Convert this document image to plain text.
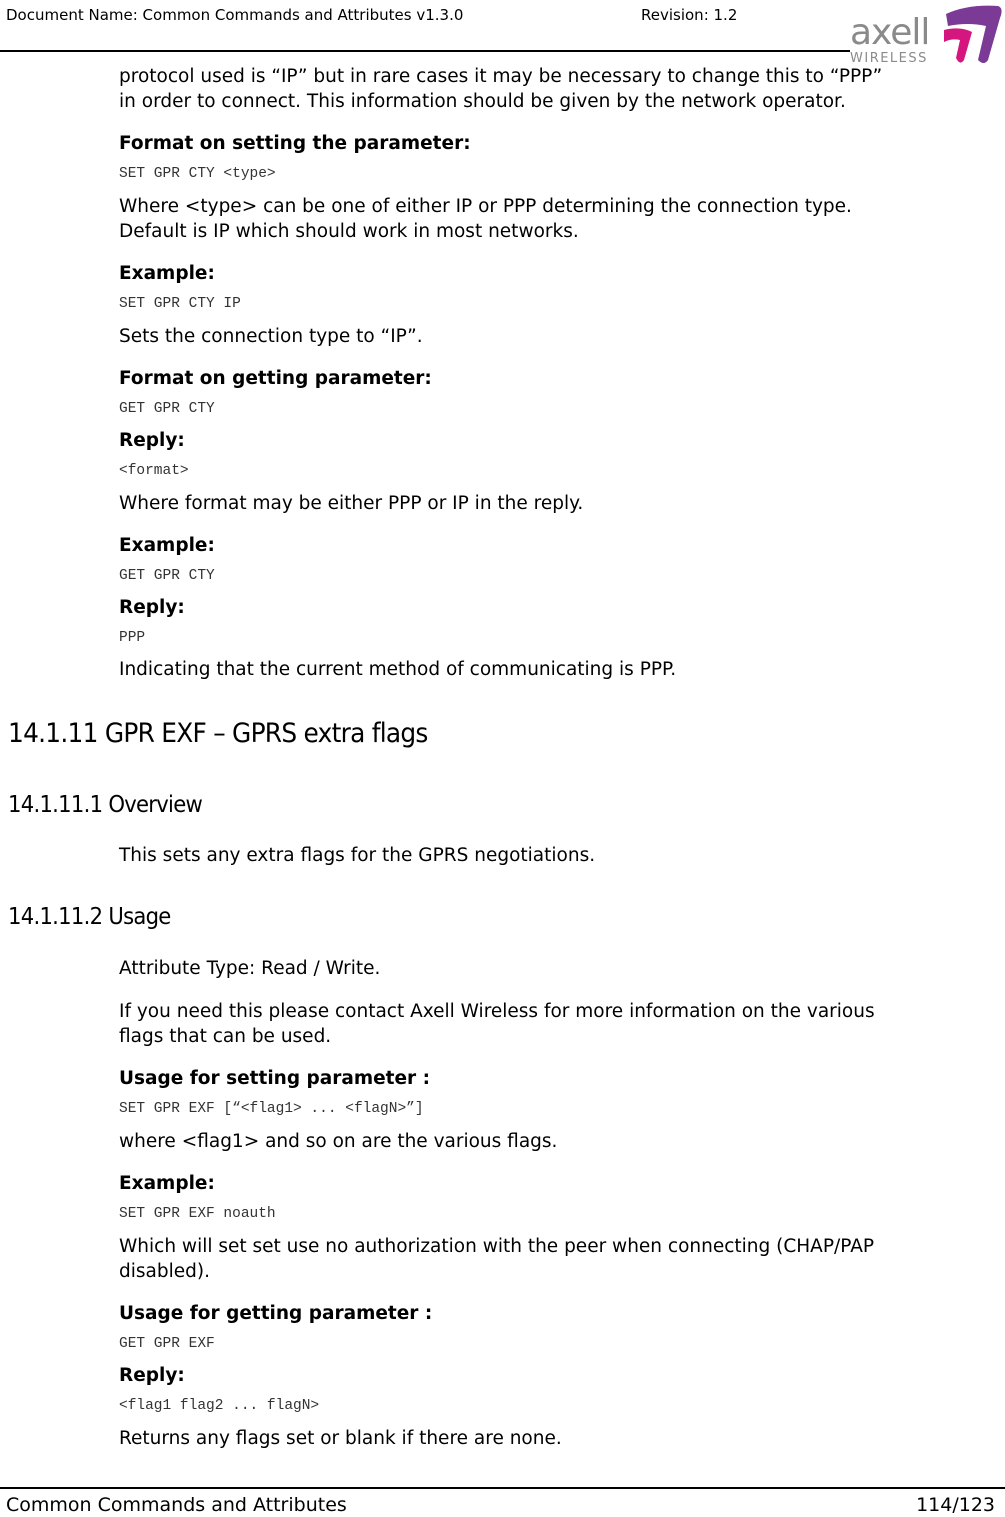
Document Name: Common Commands and Attributes v1.3.0	Revision: 1.2	axell
WIRELESS
protocol used is “IP” but in rare cases it may be necessary to change this to “PPP”
in order to connect. This information should be given by the network operator.
Format on setting the parameter:
SET GPR CTY <type>
Where <type> can be one of either IP or PPP determining the connection type.
Default is IP which should work in most networks.
Example:
SET GPR CTY IP
Sets the connection type to “IP”.
Format on getting parameter:
GET GPR CTY
Reply:
<format>
Where format may be either PPP or IP in the reply.
Example:
GET GPR CTY
Reply:
PPP
Indicating that the current method of communicating is PPP.
14.1.11 GPR EXF – GPRS extra flags
14.1.11.1 Overview
This sets any extra flags for the GPRS negotiations.
14.1.11.2 Usage
Attribute Type: Read / Write.
If you need this please contact Axell Wireless for more information on the various
flags that can be used.
Usage for setting parameter :
SET GPR EXF [“<flag1> ... <flagN>”]
where <flag1> and so on are the various flags.
Example:
SET GPR EXF noauth
Which will set set use no authorization with the peer when connecting (CHAP/PAP
disabled).
Usage for getting parameter :
GET GPR EXF
Reply:
<flag1 flag2 ... flagN>
Returns any flags set or blank if there are none.
Common Commands and Attributes	114/123
